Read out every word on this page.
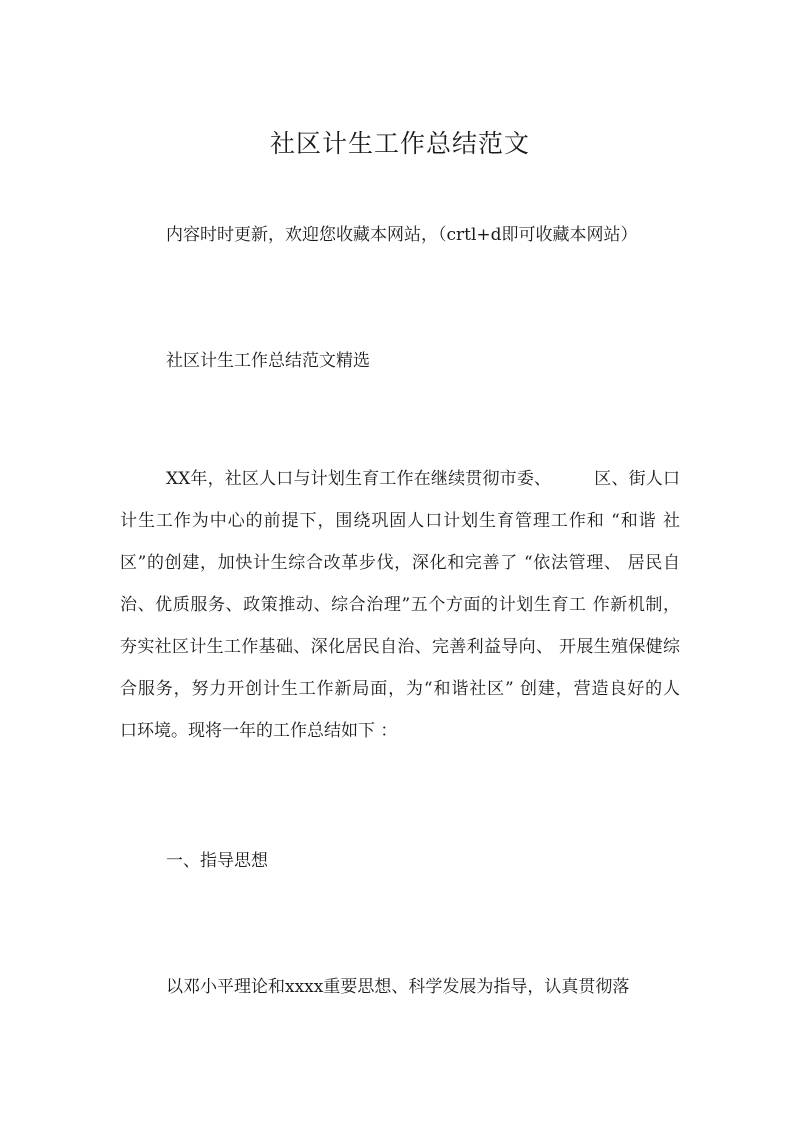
社区计生工作总结范文

内容时时更新，欢迎您收藏本网站，（crtl+d即可收藏本网站）

社区计生工作总结范文精选

XX年，社区人口与计划生育工作在继续贯彻市委、　　　区、街人口
计生工作为中心的前提下，围绕巩固人口计划生育管理工作和 “和谐 社
区”的创建，加快计生综合改革步伐，深化和完善了 “依法管理、 居民自
治、优质服务、政策推动、综合治理”五个方面的计划生育工 作新机制，
夯实社区计生工作基础、深化居民自治、完善利益导向、 开展生殖保健综
合服务，努力开创计生工作新局面，为“和谐社区” 创建，营造良好的人
口环境。现将一年的工作总结如下 ：

一、指导思想

以邓小平理论和xxxx重要思想、科学发展为指导，认真贯彻落
